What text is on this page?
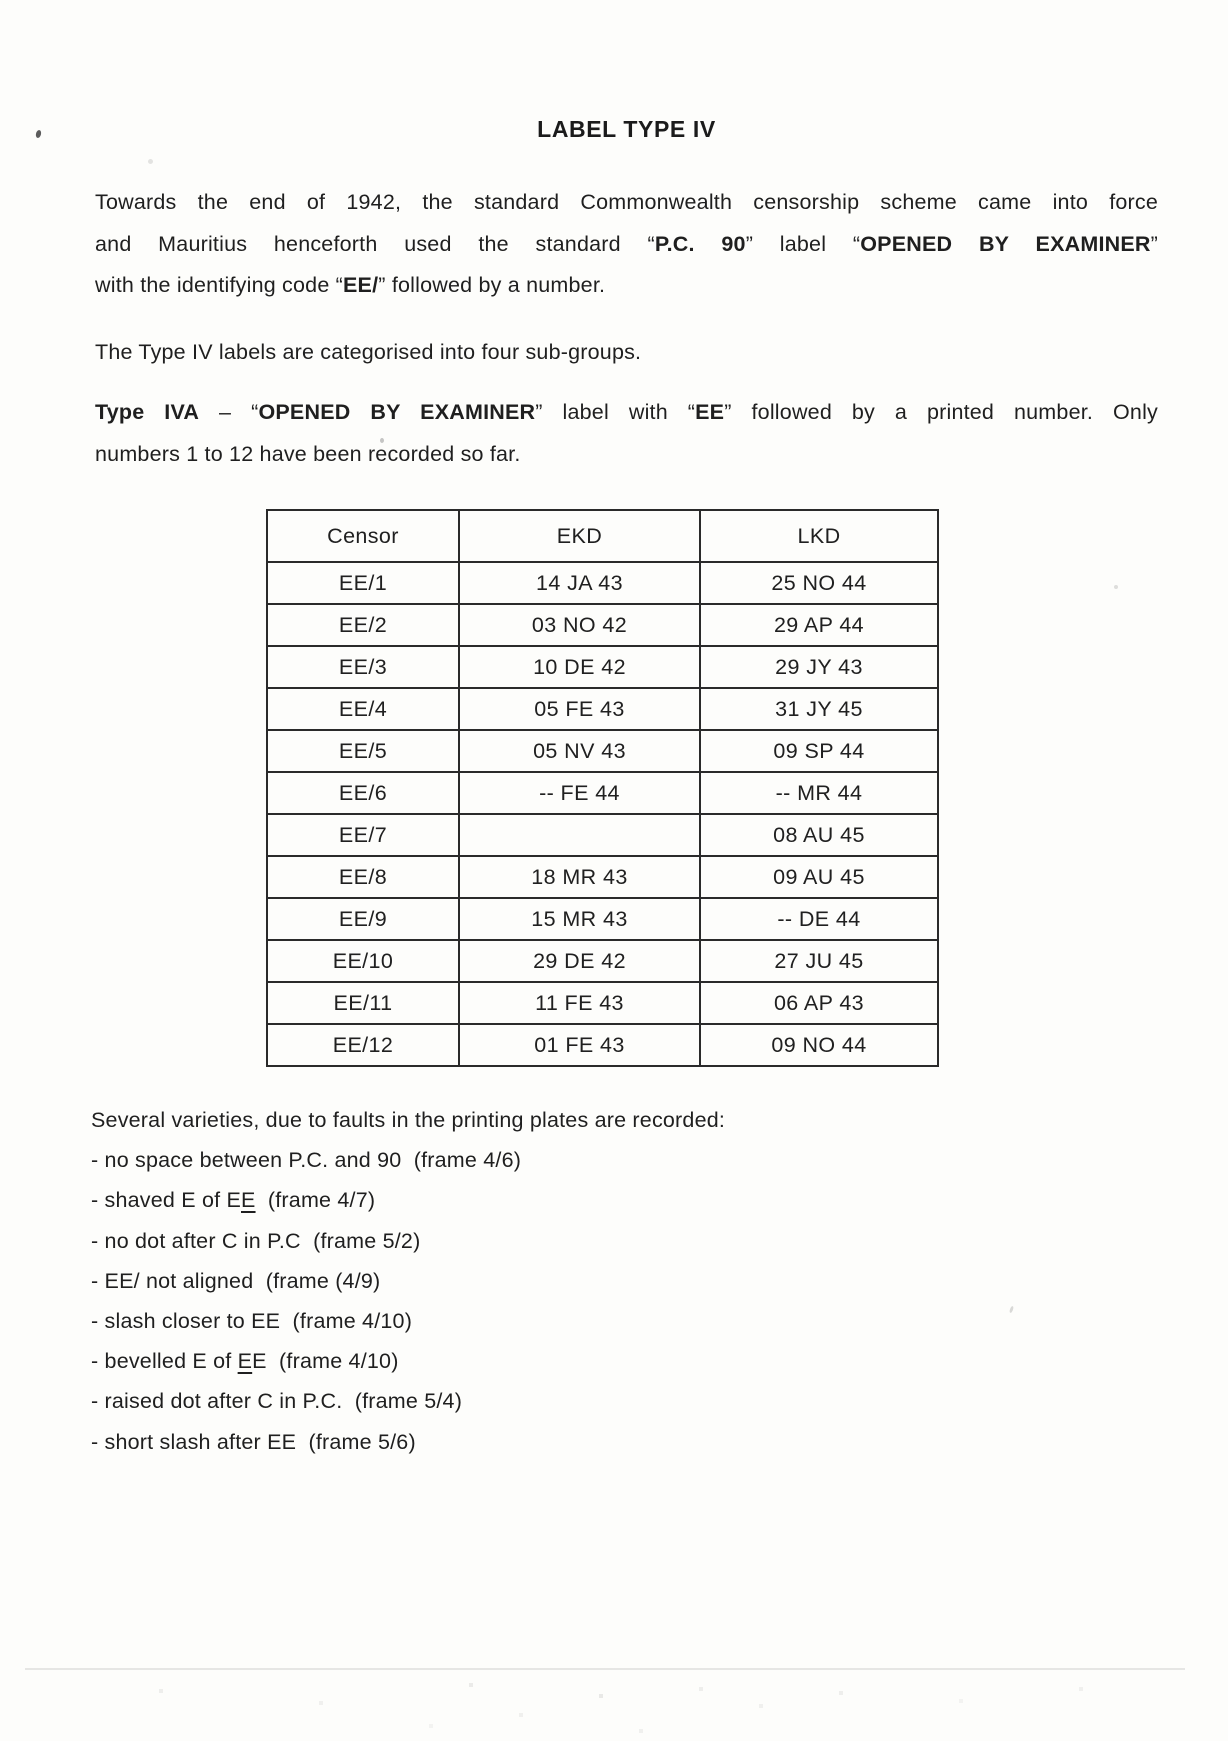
LABEL TYPE IV
Towards the end of 1942, the standard Commonwealth censorship scheme came into force
and Mauritius henceforth used the standard “P.C. 90” label “OPENED BY EXAMINER”
with the identifying code “EE/” followed by a number.
The Type IV labels are categorised into four sub-groups.
Type IVA – “OPENED BY EXAMINER” label with “EE” followed by a printed number. Only
numbers 1 to 12 have been recorded so far.
Censor	EKD	LKD
EE/1	14 JA 43	25 NO 44
EE/2	03 NO 42	29 AP 44
EE/3	10 DE 42	29 JY 43
EE/4	05 FE 43	31 JY 45
EE/5	05 NV 43	09 SP 44
EE/6	-- FE 44	-- MR 44
EE/7		08 AU 45
EE/8	18 MR 43	09 AU 45
EE/9	15 MR 43	-- DE 44
EE/10	29 DE 42	27 JU 45
EE/11	11 FE 43	06 AP 43
EE/12	01 FE 43	09 NO 44
Several varieties, due to faults in the printing plates are recorded:
- no space between P.C. and 90  (frame 4/6)
- shaved E of EE  (frame 4/7)
- no dot after C in P.C  (frame 5/2)
- EE/ not aligned  (frame (4/9)
- slash closer to EE  (frame 4/10)
- bevelled E of EE  (frame 4/10)
- raised dot after C in P.C.  (frame 5/4)
- short slash after EE  (frame 5/6)
